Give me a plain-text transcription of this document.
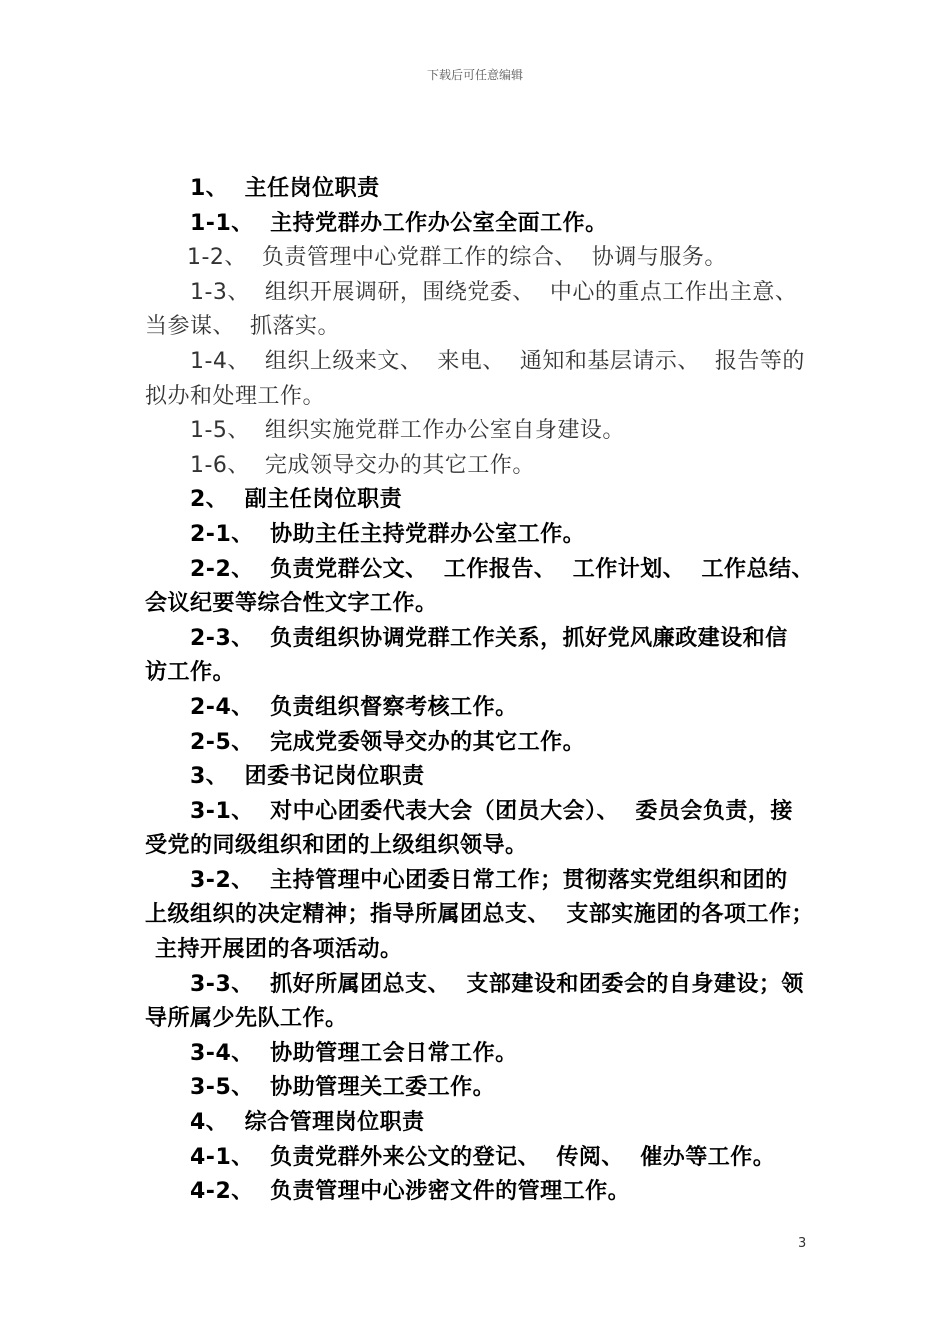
下载后可任意编辑
1、  主任岗位职责
1-1、  主持党群办工作办公室全面工作。
1-2、  负责管理中心党群工作的综合、  协调与服务。
1-3、  组织开展调研，围绕党委、  中心的重点工作出主意、
当参谋、  抓落实。
1-4、  组织上级来文、  来电、  通知和基层请示、  报告等的
拟办和处理工作。
1-5、  组织实施党群工作办公室自身建设。
1-6、  完成领导交办的其它工作。
2、  副主任岗位职责
2-1、  协助主任主持党群办公室工作。
2-2、  负责党群公文、  工作报告、  工作计划、  工作总结、
会议纪要等综合性文字工作。
2-3、  负责组织协调党群工作关系，抓好党风廉政建设和信
访工作。
2-4、  负责组织督察考核工作。
2-5、  完成党委领导交办的其它工作。
3、  团委书记岗位职责
3-1、  对中心团委代表大会（团员大会）、  委员会负责，接
受党的同级组织和团的上级组织领导。
3-2、  主持管理中心团委日常工作；贯彻落实党组织和团的
上级组织的决定精神；指导所属团总支、  支部实施团的各项工作；
主持开展团的各项活动。
3-3、  抓好所属团总支、  支部建设和团委会的自身建设；领
导所属少先队工作。
3-4、  协助管理工会日常工作。
3-5、  协助管理关工委工作。
4、  综合管理岗位职责
4-1、  负责党群外来公文的登记、  传阅、  催办等工作。
4-2、  负责管理中心涉密文件的管理工作。
3
